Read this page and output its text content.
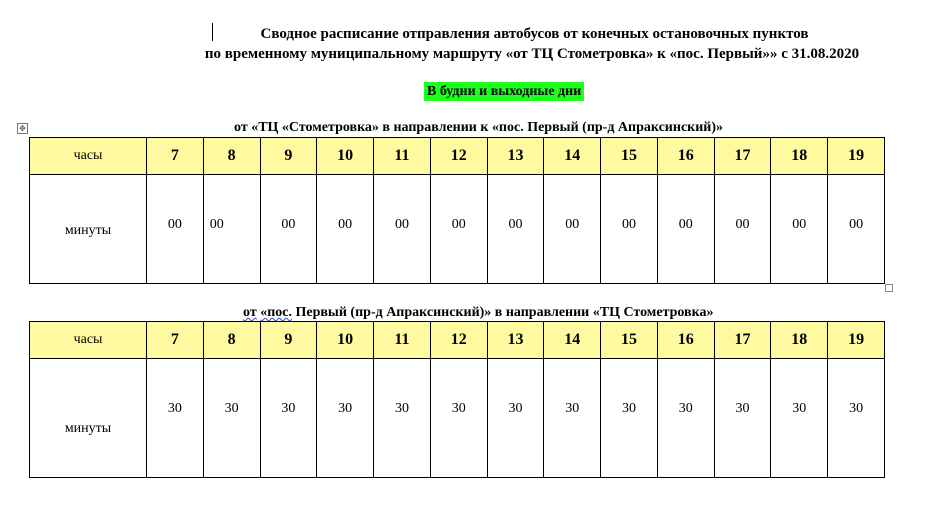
Сводное расписание отправления автобусов от конечных остановочных пунктов
по временному муниципальному маршруту «от ТЦ Стометровка» к «пос. Первый»» с 31.08.2020
В будни и выходные дни
✥	от «ТЦ «Стометровка» в направлении к «пос. Первый (пр-д Апраксинский)»
часы	7	8	9	10	11	12	13	14	15	16	17	18	19

минуты	00	00	00	00	00	00	00	00	00	00	00	00	00
от «пос. Первый (пр-д Апраксинский)» в направлении «ТЦ Стометровка»
часы	7	8	9	10	11	12	13	14	15	16	17	18	19

минуты	30	30	30	30	30	30	30	30	30	30	30	30	30
